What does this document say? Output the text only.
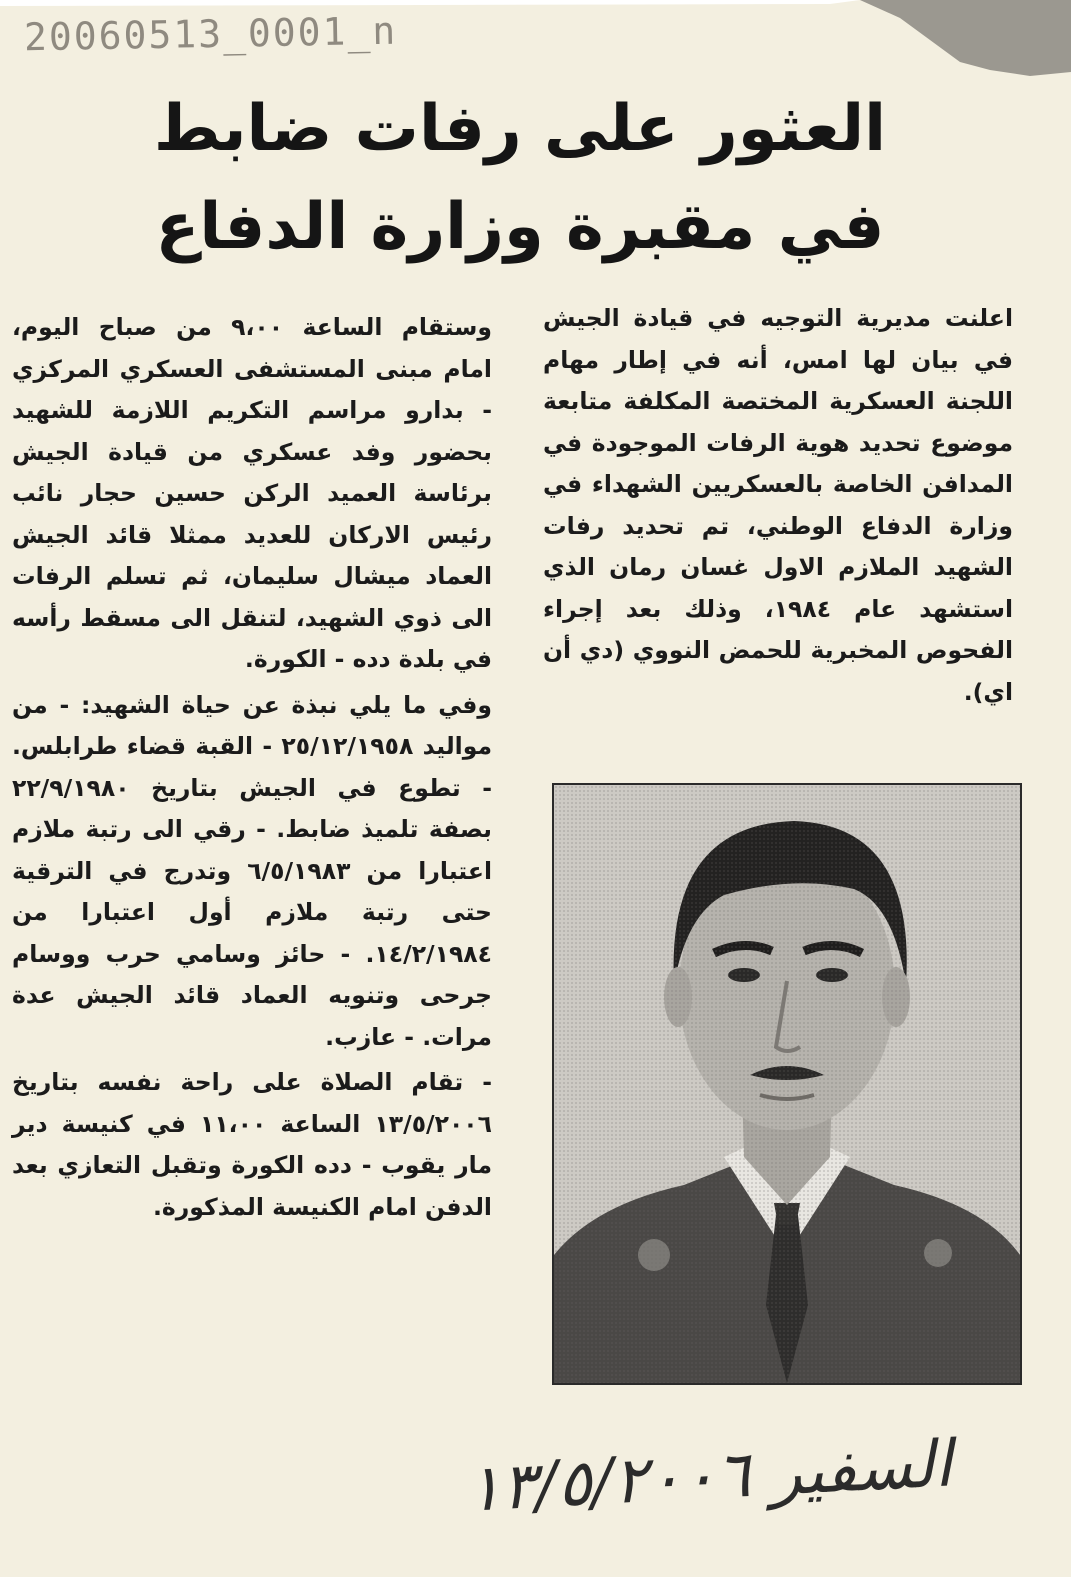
20060513_0001_n
العثور على رفات ضابط
في مقبرة وزارة الدفاع

اعلنت مديرية التوجيه في قيادة الجيش في بيان لها امس، أنه في إطار مهام اللجنة العسكرية المختصة المكلفة متابعة موضوع تحديد هوية الرفات الموجودة في المدافن الخاصة بالعسكريين الشهداء في وزارة الدفاع الوطني، تم تحديد رفات الشهيد الملازم الاول غسان رمان الذي استشهد عام ١٩٨٤، وذلك بعد إجراء الفحوص المخبرية للحمض النووي (دي أن اي).

وستقام الساعة ٩،٠٠ من صباح اليوم، امام مبنى المستشفى العسكري المركزي - بدارو مراسم التكريم اللازمة للشهيد بحضور وفد عسكري من قيادة الجيش برئاسة العميد الركن حسين حجار نائب رئيس الاركان للعديد ممثلا قائد الجيش العماد ميشال سليمان، ثم تسلم الرفات الى ذوي الشهيد، لتنقل الى مسقط رأسه في بلدة دده - الكورة.

وفي ما يلي نبذة عن حياة الشهيد: - من مواليد ٢٥/١٢/١٩٥٨ - القبة قضاء طرابلس. - تطوع في الجيش بتاريخ ٢٢/٩/١٩٨٠ بصفة تلميذ ضابط. - رقي الى رتبة ملازم اعتبارا من ٦/٥/١٩٨٣ وتدرج في الترقية حتى رتبة ملازم أول اعتبارا من ١٤/٢/١٩٨٤. - حائز وسامي حرب ووسام جرحى وتنويه العماد قائد الجيش عدة مرات. - عازب.

- تقام الصلاة على راحة نفسه بتاريخ ١٣/٥/٢٠٠٦ الساعة ١١،٠٠ في كنيسة دير مار يقوب - دده الكورة وتقبل التعازي بعد الدفن امام الكنيسة المذكورة.

السفير ١٣/٥/٢٠٠٦
